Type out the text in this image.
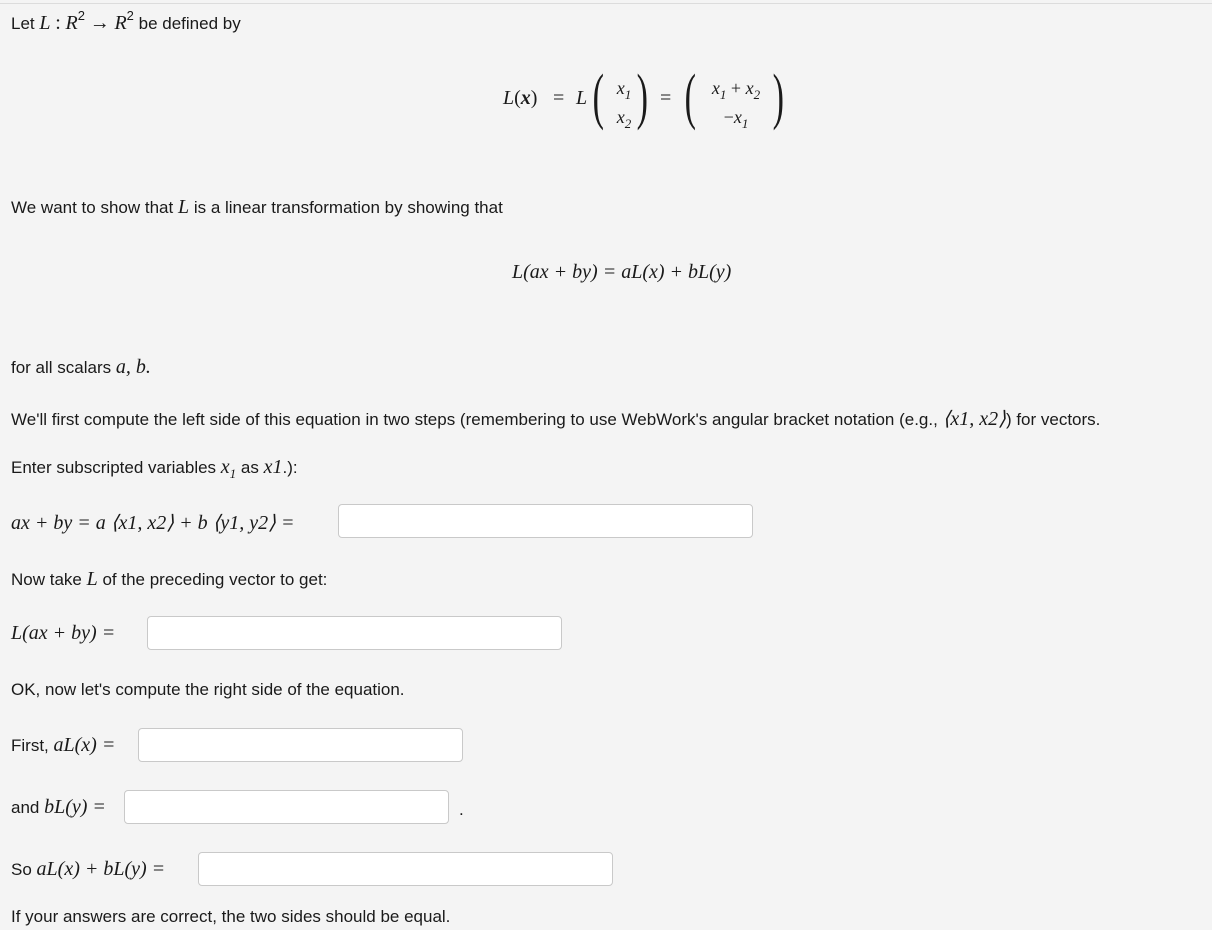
Let L : $R^2 \to R^2$ be defined by
L(x) = L ( $x_1$
$x_2$ ) = ( $x_1 + x_2$
$-x_1$ )
We want to show that L is a linear transformation by showing that
L(ax + by) = aL(x) + bL(y)
for all scalars a, b.
We'll first compute the left side of this equation in two steps (remembering to use WebWork's angular bracket notation (e.g., ⟨x1, x2⟩) for vectors.
Enter subscripted variables $x_1$ as x1.):
ax + by = a ⟨x1, x2⟩ + b ⟨y1, y2⟩ =
Now take L of the preceding vector to get:
L(ax + by) =
OK, now let's compute the right side of the equation.
First, aL(x) =
and bL(y) =	.
So aL(x) + bL(y) =
If your answers are correct, the two sides should be equal.
